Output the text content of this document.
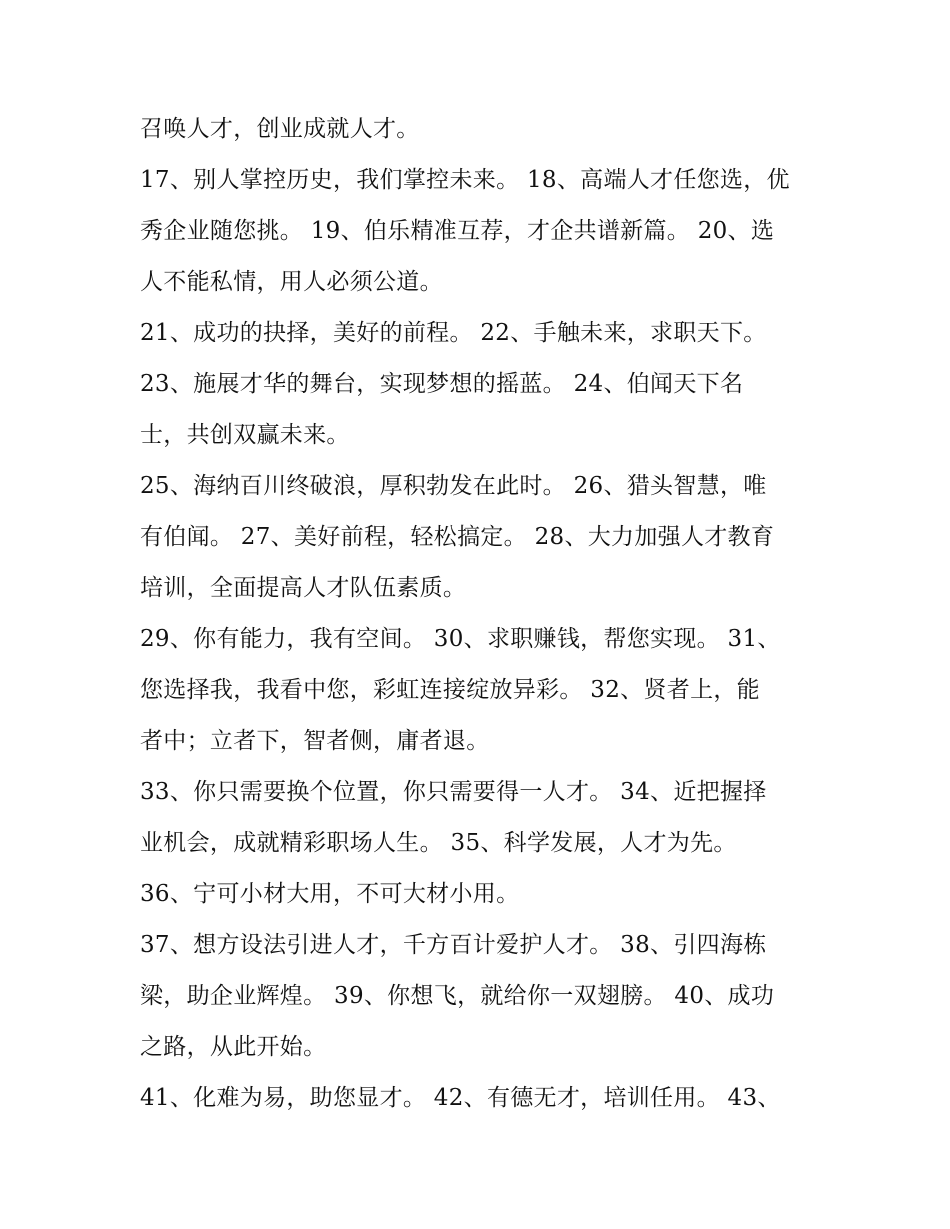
召唤人才，创业成就人才。
17、别人掌控历史，我们掌控未来。 18、高端人才任您选，优
秀企业随您挑。 19、伯乐精准互荐，才企共谱新篇。 20、选
人不能私情，用人必须公道。
21、成功的抉择，美好的前程。 22、手触未来，求职天下。
23、施展才华的舞台，实现梦想的摇蓝。 24、伯闻天下名
士，共创双赢未来。
25、海纳百川终破浪，厚积勃发在此时。 26、猎头智慧，唯
有伯闻。 27、美好前程，轻松搞定。 28、大力加强人才教育
培训，全面提高人才队伍素质。
29、你有能力，我有空间。 30、求职赚钱，帮您实现。 31、
您选择我，我看中您，彩虹连接绽放异彩。 32、贤者上，能
者中；立者下，智者侧，庸者退。
33、你只需要换个位置，你只需要得一人才。 34、近把握择
业机会，成就精彩职场人生。 35、科学发展，人才为先。
36、宁可小材大用，不可大材小用。
37、想方设法引进人才，千方百计爱护人才。 38、引四海栋
梁，助企业辉煌。 39、你想飞，就给你一双翅膀。 40、成功
之路，从此开始。
41、化难为易，助您显才。 42、有德无才，培训任用。 43、
